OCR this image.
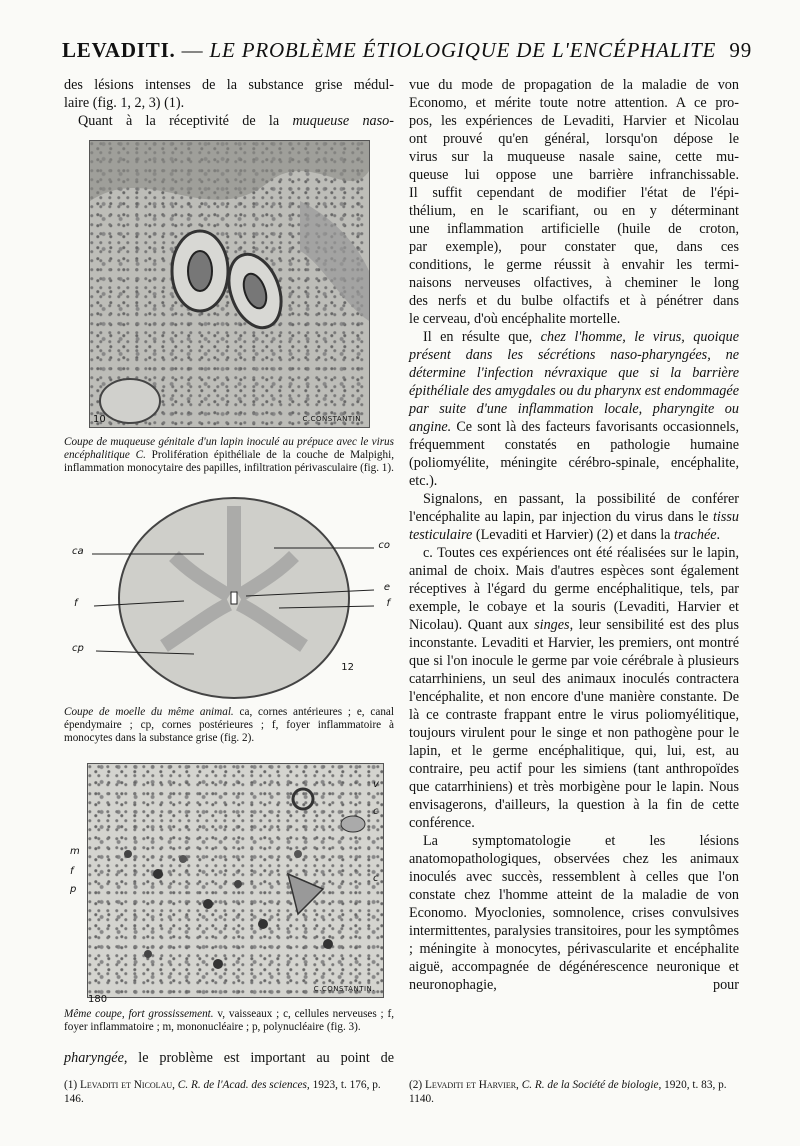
LEVADITI. — LE PROBLÈME ÉTIOLOGIQUE DE L'ENCÉPHALITE 99

des lésions intenses de la substance grise médul-

laire (fig. 1, 2, 3) (1).

Quant à la réceptivité de la muqueuse naso-

C.CONSTANTIN
10
Coupe de muqueuse génitale d'un lapin inoculé au prépuce avec le virus encéphalitique C. Prolifération épithéliale de la couche de Malpighi, inflammation monocytaire des papilles, infiltration périvasculaire (fig. 1).
ca
co
e
f	f
cp
12
Coupe de moelle du même animal. ca, cornes antérieures ; e, canal épendymaire ; cp, cornes postérieures ; f, foyer inflammatoire à monocytes dans la substance grise (fig. 2).
C.CONSTANTIN.
v
c
m
f
p
c
180
Même coupe, fort grossissement. v, vaisseaux ; c, cellules nerveuses ; f, foyer inflammatoire ; m, mononucléaire ; p, polynucléaire (fig. 3).
pharyngée, le problème est important au point de

vue du mode de propagation de la maladie de von

Economo, et mérite toute notre attention. A ce pro-

pos, les expériences de Levaditi, Harvier et Nicolau

ont prouvé qu'en général, lorsqu'on dépose le

virus sur la muqueuse nasale saine, cette mu-

queuse lui oppose une barrière infranchissable.

Il suffit cependant de modifier l'état de l'épi-

thélium, en le scarifiant, ou en y déterminant

une inflammation artificielle (huile de croton,

par exemple), pour constater que, dans ces

conditions, le germe réussit à envahir les termi-

naisons nerveuses olfactives, à cheminer le long

des nerfs et du bulbe olfactifs et à pénétrer dans

le cerveau, d'où encéphalite mortelle.

Il en résulte que, chez l'homme, le virus, quoique présent dans les sécrétions naso-pharyngées, ne détermine l'infection névraxique que si la barrière épithéliale des amygdales ou du pharynx est endommagée par suite d'une inflammation locale, pharyngite ou angine. Ce sont là des facteurs favorisants occasionnels, fréquemment constatés en pathologie humaine (poliomyélite, méningite cérébro-spinale, encéphalite, etc.).

Signalons, en passant, la possibilité de conférer l'encéphalite au lapin, par injection du virus dans le tissu testiculaire (Levaditi et Harvier) (2) et dans la trachée.

c. Toutes ces expériences ont été réalisées sur le lapin, animal de choix. Mais d'autres espèces sont également réceptives à l'égard du germe encéphalitique, tels, par exemple, le cobaye et la souris (Levaditi, Harvier et Nicolau). Quant aux singes, leur sensibilité est des plus inconstante. Levaditi et Harvier, les premiers, ont montré que si l'on inocule le germe par voie cérébrale à plusieurs catarrhiniens, un seul des animaux inoculés contractera l'encéphalite, et non encore d'une manière constante. De là ce contraste frappant entre le virus poliomyélitique, toujours virulent pour le singe et non pathogène pour le lapin, et le germe encéphalitique, qui, lui, est, au contraire, peu actif pour les simiens (tant anthropoïdes que catarrhiniens) et très morbigène pour le lapin. Nous envisagerons, d'ailleurs, la question à la fin de cette conférence.

La symptomatologie et les lésions anatomopathologiques, observées chez les animaux inoculés avec succès, ressemblent à celles que l'on constate chez l'homme atteint de la maladie de von Economo. Myoclonies, somnolence, crises convulsives intermittentes, paralysies transitoires, pour les symptômes ; méningite à monocytes, périvascularite et encéphalite aiguë, accompagnée de dégénérescence neuronique et neuronophagie, pour

(1) Levaditi et Nicolau, C. R. de l'Acad. des sciences, 1923, t. 176, p. 146.
(2) Levaditi et Harvier, C. R. de la Société de biologie, 1920, t. 83, p. 1140.
